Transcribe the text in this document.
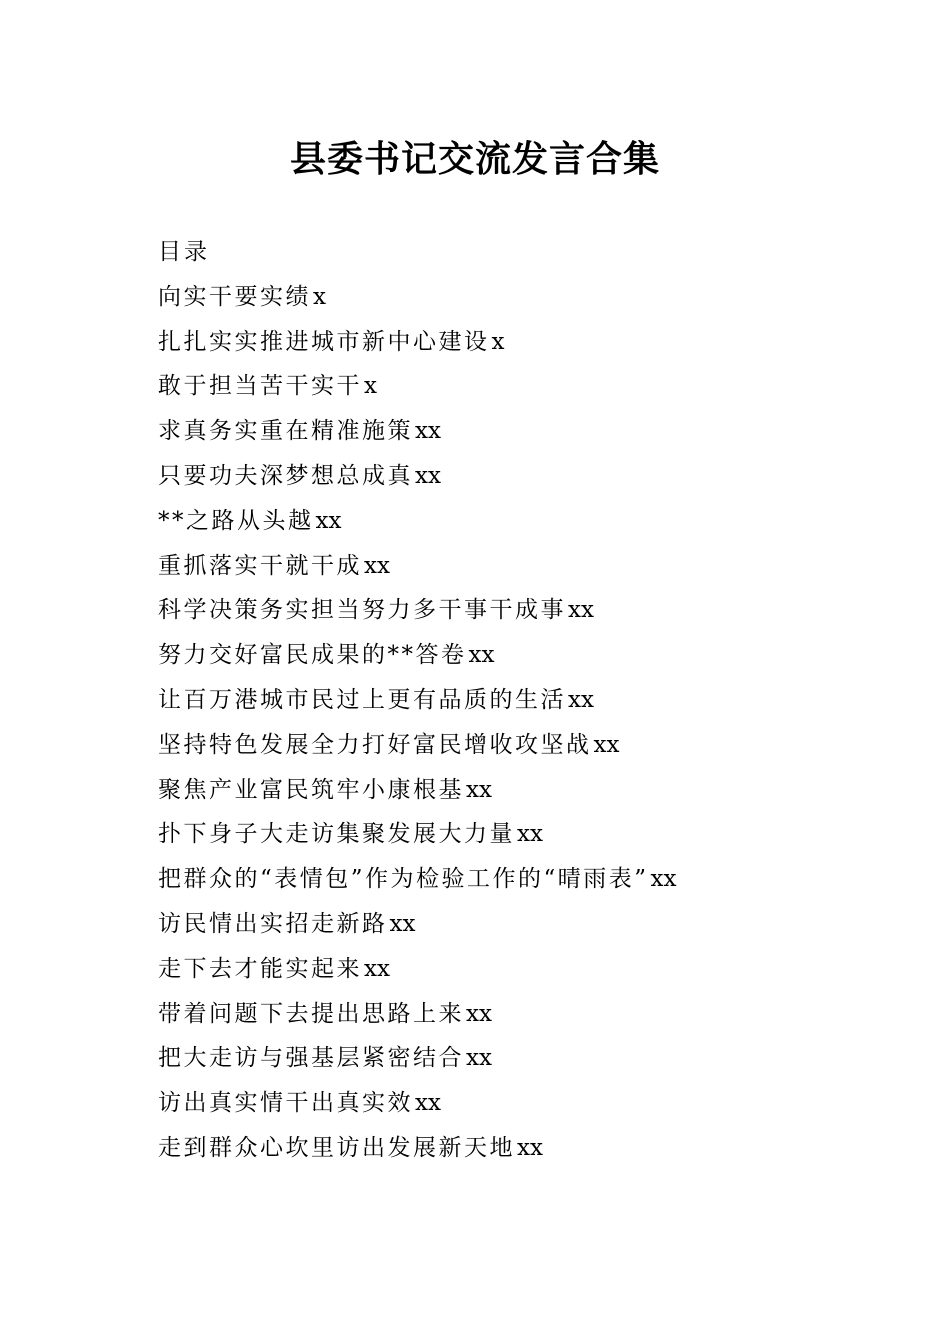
县委书记交流发言合集
目录
向实干要实绩x
扎扎实实推进城市新中心建设x
敢于担当苦干实干x
求真务实重在精准施策xx
只要功夫深梦想总成真xx
**之路从头越xx
重抓落实干就干成xx
科学决策务实担当努力多干事干成事xx
努力交好富民成果的**答卷xx
让百万港城市民过上更有品质的生活xx
坚持特色发展全力打好富民增收攻坚战xx
聚焦产业富民筑牢小康根基xx
扑下身子大走访集聚发展大力量xx
把群众的“表情包”作为检验工作的“晴雨表”xx
访民情出实招走新路xx
走下去才能实起来xx
带着问题下去提出思路上来xx
把大走访与强基层紧密结合xx
访出真实情干出真实效xx
走到群众心坎里访出发展新天地xx
